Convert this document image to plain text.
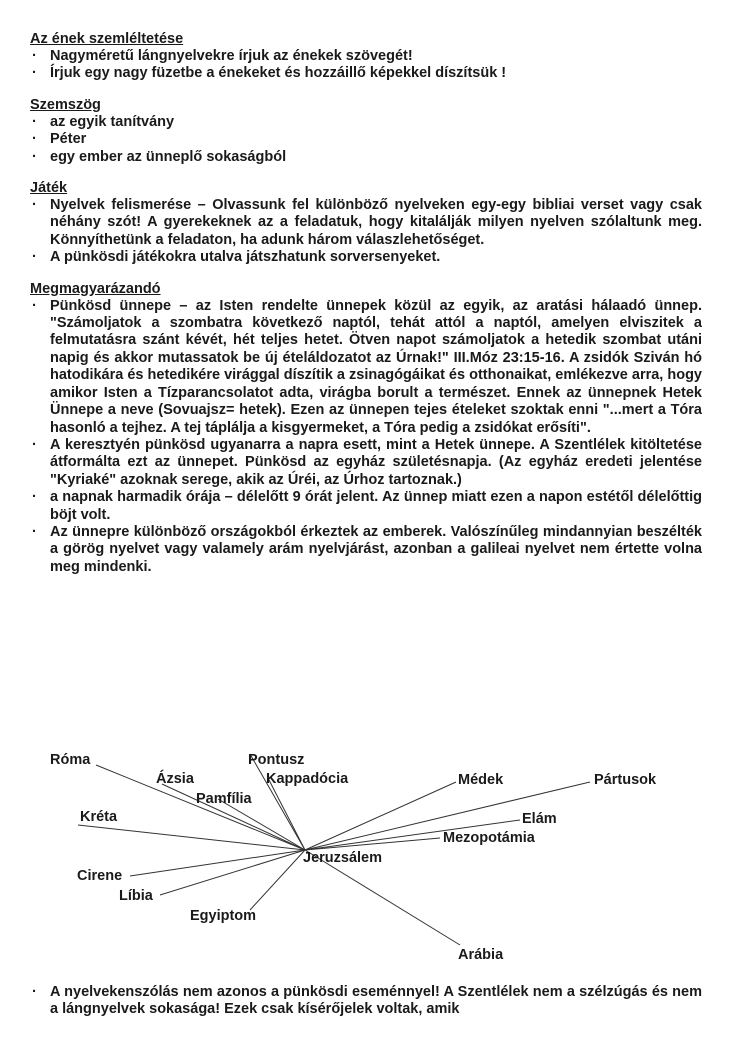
Az ének szemléltetése

· Nagyméretű lángnyelvekre írjuk az énekek szövegét!
· Írjuk egy nagy füzetbe a énekeket és hozzáillő képekkel díszítsük !

Szemszög

· az egyik tanítvány
· Péter
· egy ember az ünneplő sokaságból

Játék

· Nyelvek felismerése – Olvassunk fel különböző nyelveken egy-egy bibliai verset vagy csak néhány szót! A gyerekeknek az a feladatuk, hogy kitalálják milyen nyelven szólaltunk meg. Könnyíthetünk a feladaton, ha adunk három válaszlehetőséget.
· A pünkösdi játékokra utalva játszhatunk sorversenyeket.

Megmagyarázandó

· Pünkösd ünnepe – az Isten rendelte ünnepek közül az egyik, az aratási hálaadó ünnep. "Számoljatok a szombatra következő naptól, tehát attól a naptól, amelyen elviszitek a felmutatásra szánt kévét, hét teljes hetet. Ötven napot számoljatok a hetedik szombat utáni napig és akkor mutassatok be új ételáldozatot az Úrnak!" III.Móz 23:15-16. A zsidók Sziván hó hatodikára és hetedikére virággal díszítik a zsinagógáikat és otthonaikat, emlékezve arra, hogy amikor Isten a Tízparancsolatot adta, virágba borult a természet. Ennek az ünnepnek Hetek Ünnepe a neve (Sovuajsz= hetek). Ezen az ünnepen tejes ételeket szoktak enni "...mert a Tóra hasonló a tejhez. A tej táplálja a kisgyermeket, a Tóra pedig a zsidókat erősíti".
· A keresztyén pünkösd ugyanarra a napra esett, mint a Hetek ünnepe. A Szentlélek kitöltetése átformálta ezt az ünnepet. Pünkösd az egyház születésnapja. (Az egyház eredeti jelentése "Kyriaké" azoknak serege, akik az Úréi, az Úrhoz tartoznak.)
· a napnak harmadik órája – délelőtt 9 órát jelent. Az ünnep miatt ezen a napon estétől délelőttig böjt volt.
· Az ünnepre különböző országokból érkeztek az emberek. Valószínűleg mindannyian beszélték a görög nyelvet vagy valamely arám nyelvjárást, azonban a galileai nyelvet nem értette volna meg mindenki.
Róma
Ázsia
Pontusz
Kappadócia
Pamfília
Kréta
Médek	Pártusok
Elám
Mezopotámia
Jeruzsálem
Cirene
Líbia
Egyiptom
Arábia
· A nyelvekenszólás nem azonos a pünkösdi eseménnyel! A Szentlélek nem a szélzúgás és nem a lángnyelvek sokasága! Ezek csak kísérőjelek voltak, amik
